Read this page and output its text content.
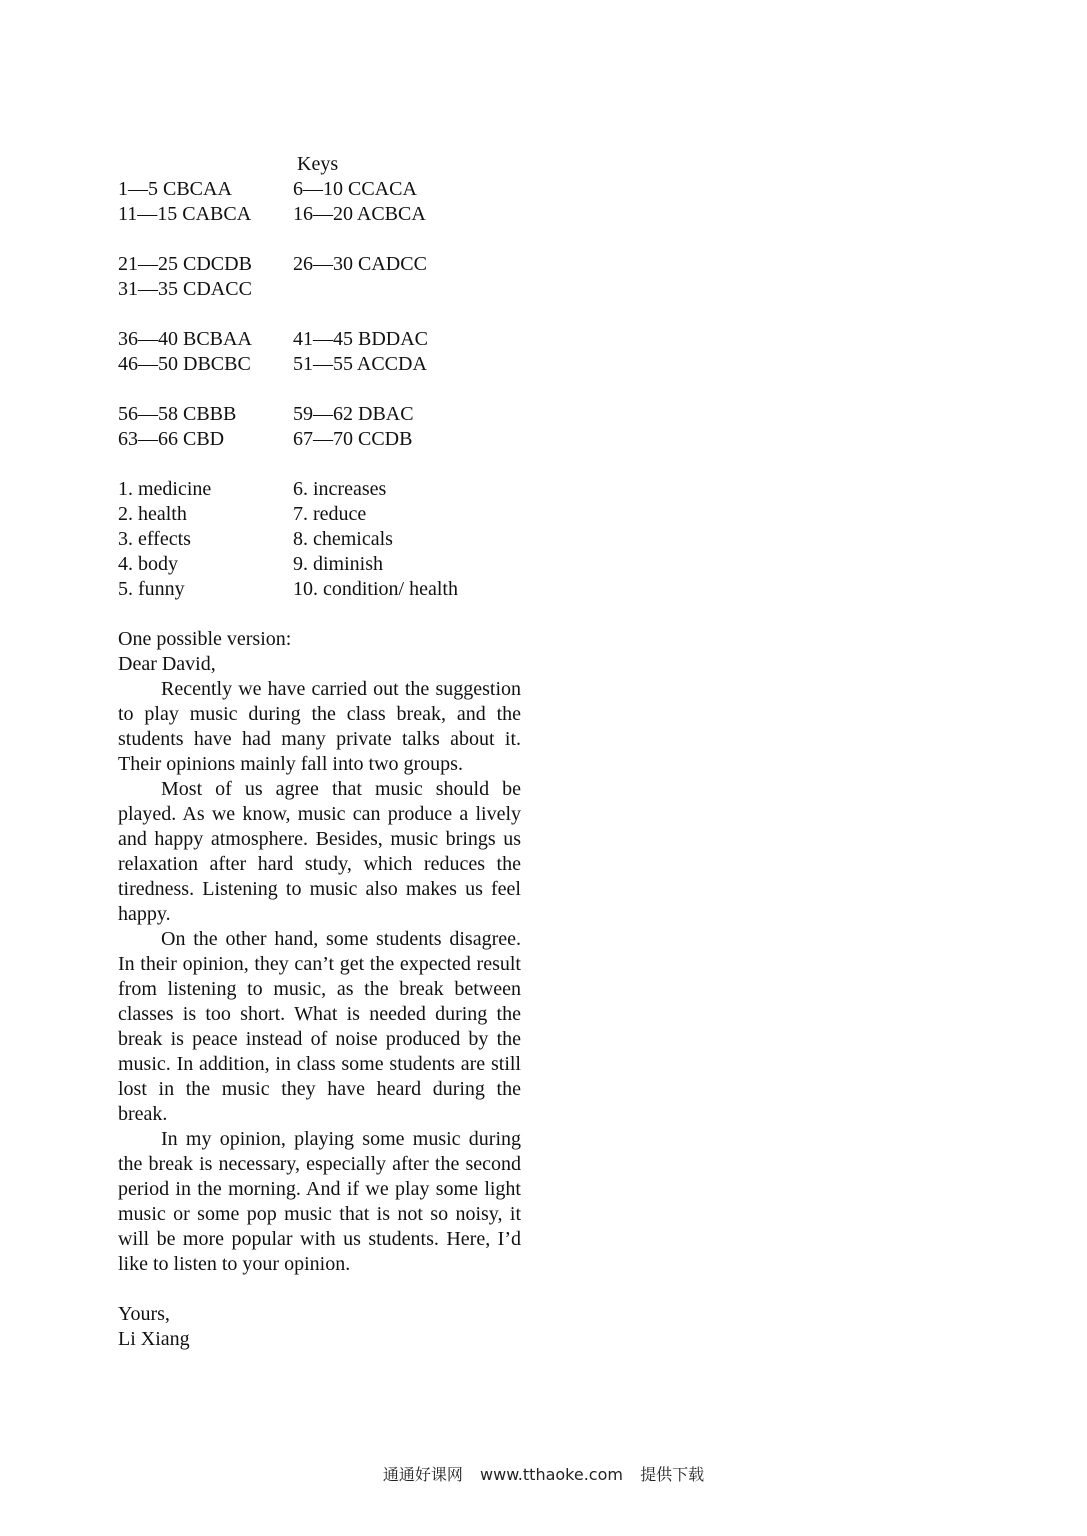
Keys
1—5 CBCAA	6—10 CCACA
11—15 CABCA 16—20 ACBCA
21—25 CDCDB 26—30 CADCC
31—35 CDACC
36—40 BCBAA 41—45 BDDAC
46—50 DBCBC 51—55 ACCDA
56—58 CBBB	59—62 DBAC
63—66 CBD	67—70 CCDB
1. medicine	6. increases
2. health	7. reduce
3. effects	8. chemicals
4. body	9. diminish
5. funny	10. condition/ health

One possible version:

Dear David,

Recently we have carried out the suggestion to play music during the class break, and the students have had many private talks about it. Their opinions mainly fall into two groups.

Most of us agree that music should be played. As we know, music can produce a lively and happy atmosphere. Besides, music brings us relaxation after hard study, which reduces the tiredness. Listening to music also makes us feel happy.

On the other hand, some students disagree. In their opinion, they can’t get the expected result from listening to music, as the break between classes is too short. What is needed during the break is peace instead of noise produced by the music. In addition, in class some students are still lost in the music they have heard during the break.

In my opinion, playing some music during the break is necessary, especially after the second period in the morning. And if we play some light music or some pop music that is not so noisy, it will be more popular with us students. Here, I’d like to listen to your opinion.

Yours,

Li Xiang

通通好课网 www.tthaoke.com 提供下载
